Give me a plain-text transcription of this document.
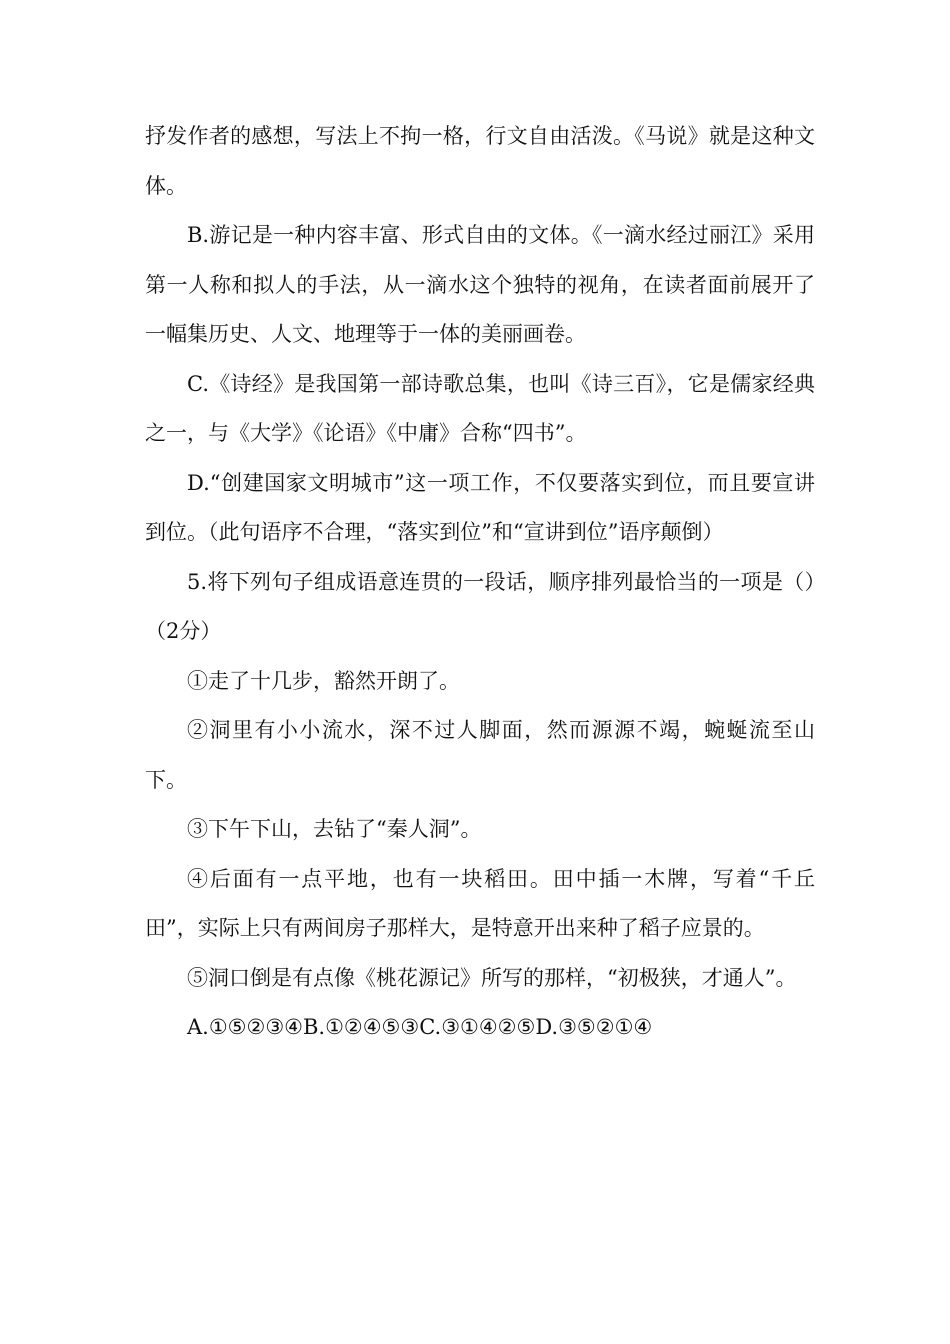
抒发作者的感想，写法上不拘一格，行文自由活泼。《马说》就是这种文体。

B.游记是一种内容丰富、形式自由的文体。《一滴水经过丽江》采用第一人称和拟人的手法，从一滴水这个独特的视角，在读者面前展开了一幅集历史、人文、地理等于一体的美丽画卷。

C.《诗经》是我国第一部诗歌总集，也叫《诗三百》，它是儒家经典之一，与《大学》《论语》《中庸》合称“四书”。

D.“创建国家文明城市”这一项工作，不仅要落实到位，而且要宣讲到位。（此句语序不合理，“落实到位”和“宣讲到位”语序颠倒）

5.将下列句子组成语意连贯的一段话，顺序排列最恰当的一项是（）（2分）

①走了十几步，豁然开朗了。

②洞里有小小流水，深不过人脚面，然而源源不竭，蜿蜒流至山下。

③下午下山，去钻了“秦人洞”。

④后面有一点平地，也有一块稻田。田中插一木牌，写着“千丘田”，实际上只有两间房子那样大，是特意开出来种了稻子应景的。

⑤洞口倒是有点像《桃花源记》所写的那样，“初极狭，才通人”。

A.①⑤②③④B.①②④⑤③C.③①④②⑤D.③⑤②①④
